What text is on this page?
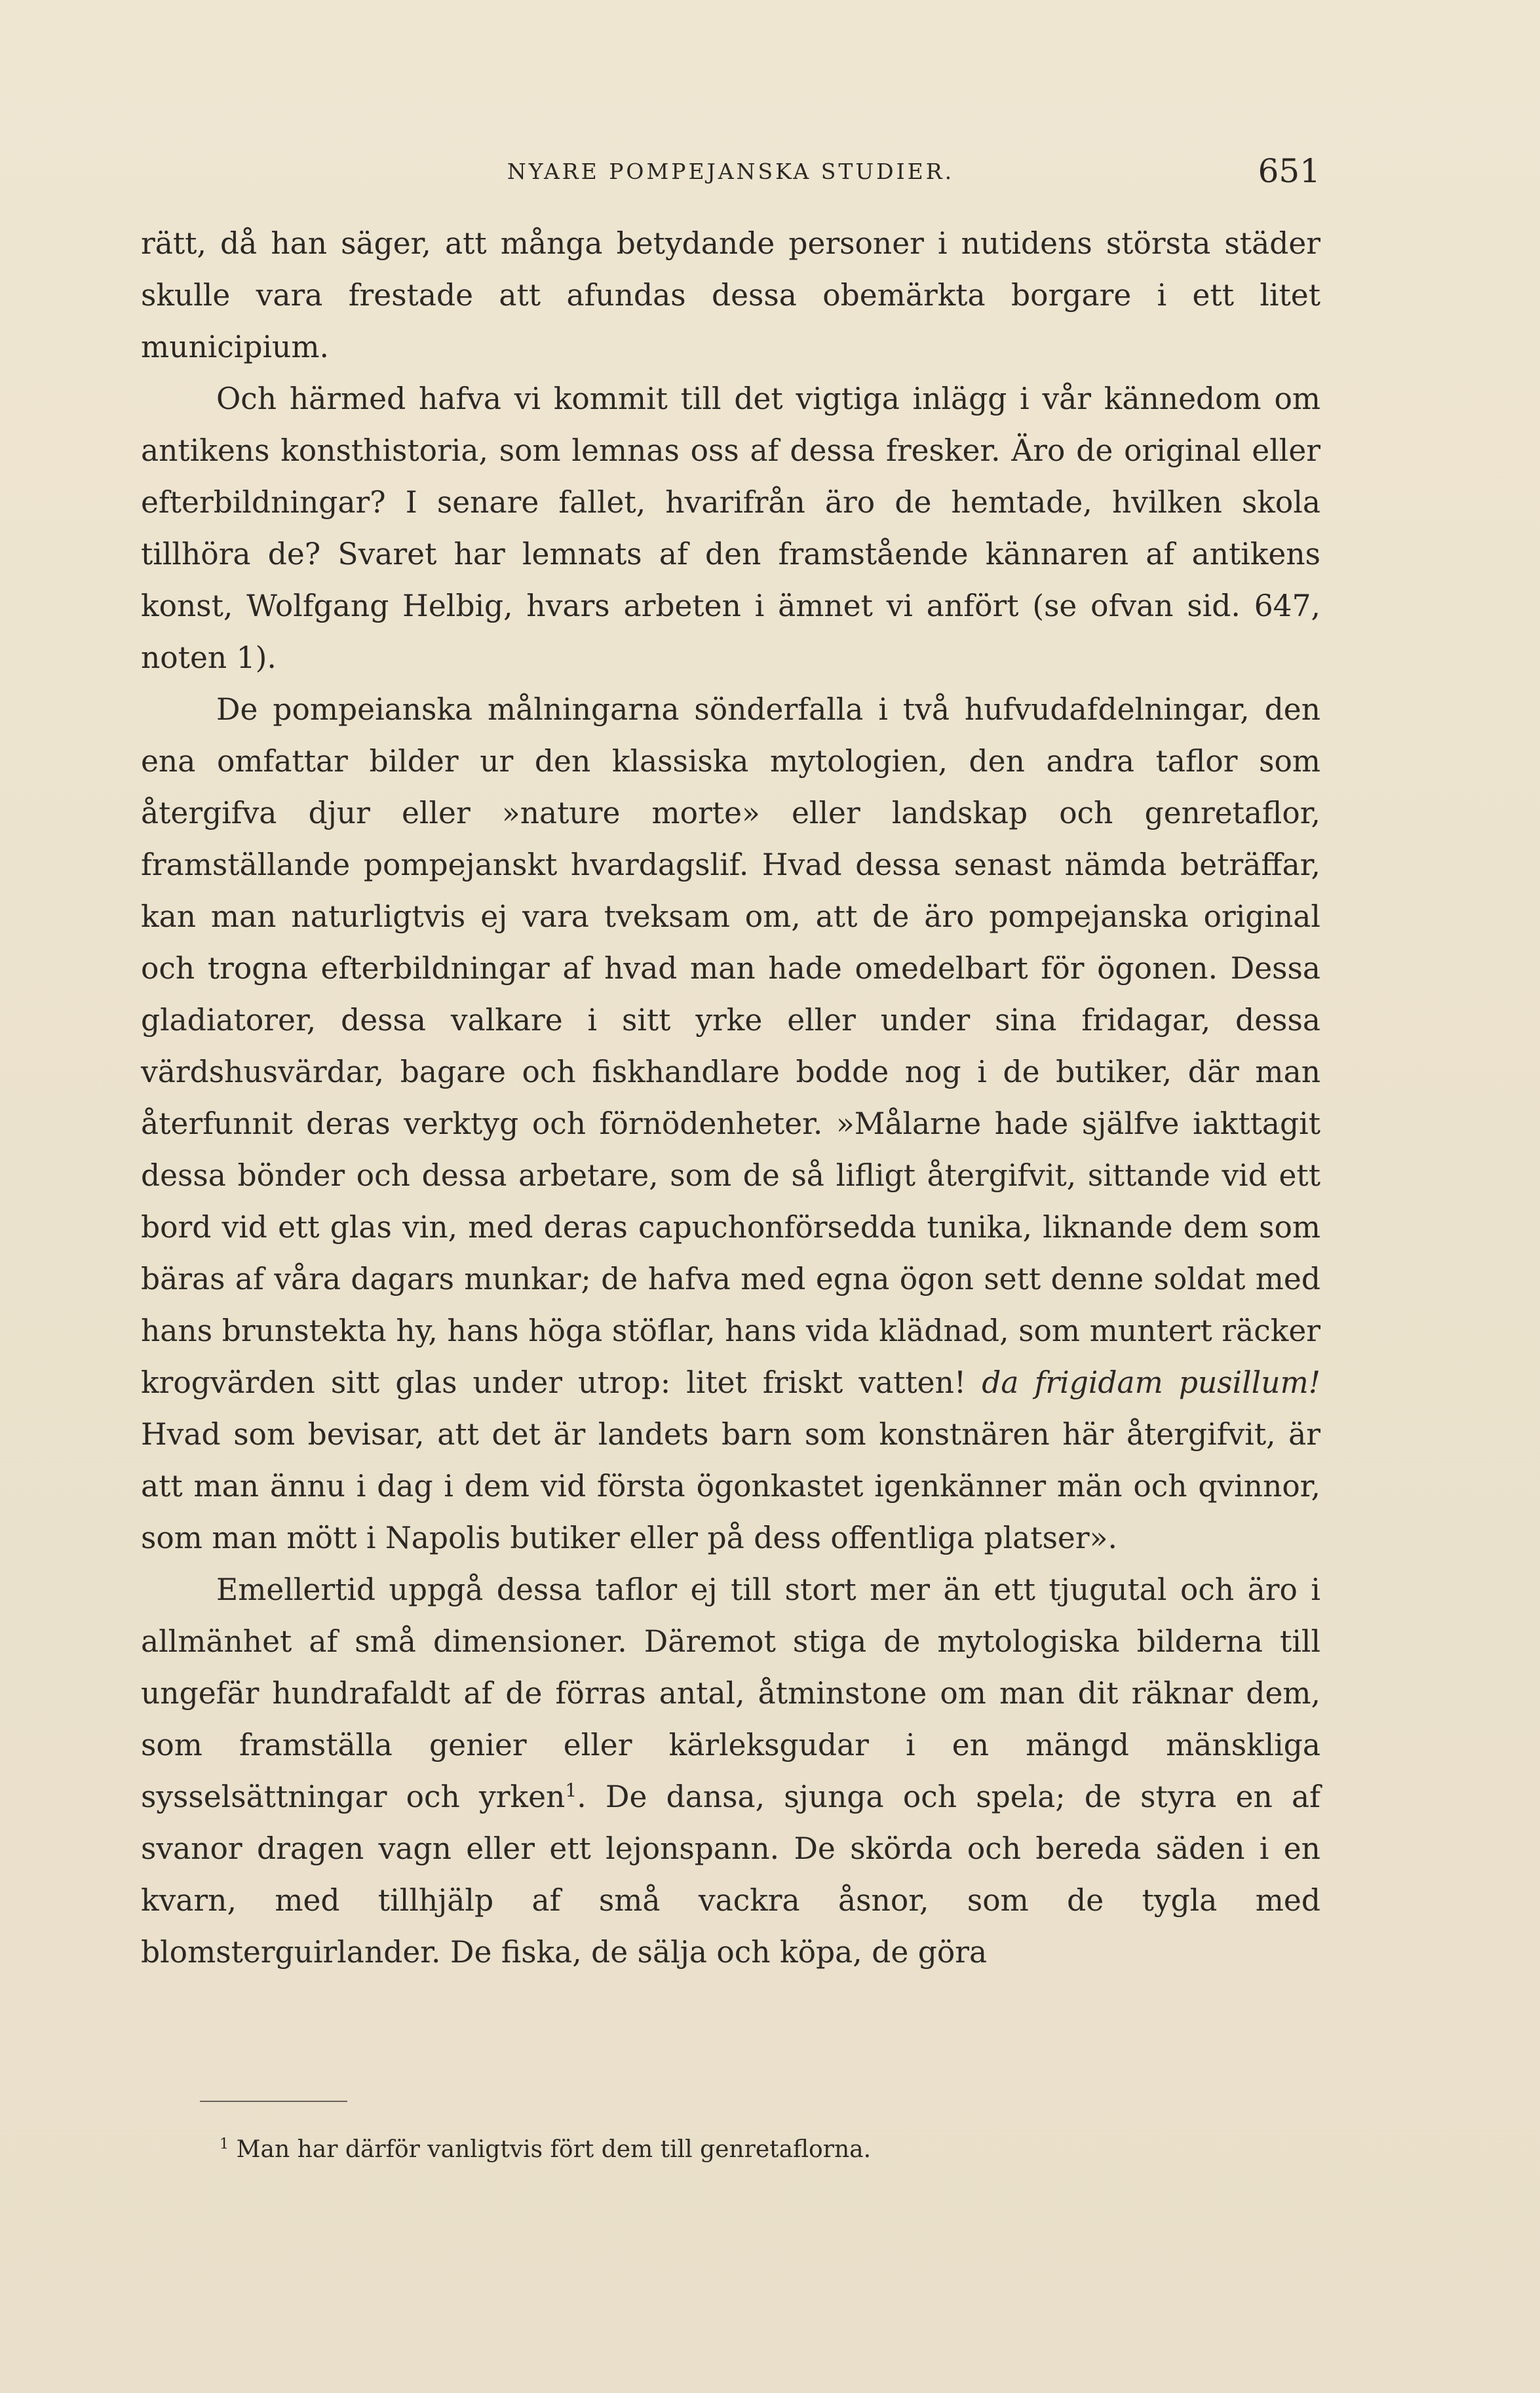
NYARE POMPEJANSKA STUDIER.	651

rätt, då han säger, att många betydande personer i nutidens största städer skulle vara frestade att afundas dessa obemärkta borgare i ett litet municipium.

Och härmed hafva vi kommit till det vigtiga inlägg i vår kännedom om antikens konsthistoria, som lemnas oss af dessa fresker. Äro de original eller efterbildningar? I senare fallet, hvarifrån äro de hemtade, hvilken skola tillhöra de? Svaret har lemnats af den framstående kännaren af antikens konst, Wolfgang Helbig, hvars arbeten i ämnet vi anfört (se ofvan sid. 647, noten 1).

De pompeianska målningarna sönderfalla i två hufvudafdelningar, den ena omfattar bilder ur den klassiska mytologien, den andra taflor som återgifva djur eller »nature morte» eller landskap och genretaflor, framställande pompejanskt hvardagslif. Hvad dessa senast nämda beträffar, kan man naturligtvis ej vara tveksam om, att de äro pompejanska original och trogna efterbildningar af hvad man hade omedelbart för ögonen. Dessa gladiatorer, dessa valkare i sitt yrke eller under sina fridagar, dessa värdshusvärdar, bagare och fiskhandlare bodde nog i de butiker, där man återfunnit deras verktyg och förnödenheter. »Målarne hade själfve iakttagit dessa bönder och dessa arbetare, som de så lifligt återgifvit, sittande vid ett bord vid ett glas vin, med deras capuchonförsedda tunika, liknande dem som bäras af våra dagars munkar; de hafva med egna ögon sett denne soldat med hans brunstekta hy, hans höga stöflar, hans vida klädnad, som muntert räcker krogvärden sitt glas under utrop: litet friskt vatten! da frigidam pusillum! Hvad som bevisar, att det är landets barn som konstnären här återgifvit, är att man ännu i dag i dem vid första ögonkastet igenkänner män och qvinnor, som man mött i Napolis butiker eller på dess offentliga platser».

Emellertid uppgå dessa taflor ej till stort mer än ett tjugutal och äro i allmänhet af små dimensioner. Däremot stiga de mytologiska bilderna till ungefär hundrafaldt af de förras antal, åtminstone om man dit räknar dem, som framställa genier eller kärleksgudar i en mängd mänskliga sysselsättningar och yrken$^1$. De dansa, sjunga och spela; de styra en af svanor dragen vagn eller ett lejonspann. De skörda och bereda säden i en kvarn, med tillhjälp af små vackra åsnor, som de tygla med blomsterguirlander. De fiska, de sälja och köpa, de göra

$^1$ Man har därför vanligtvis fört dem till genretaflorna.
